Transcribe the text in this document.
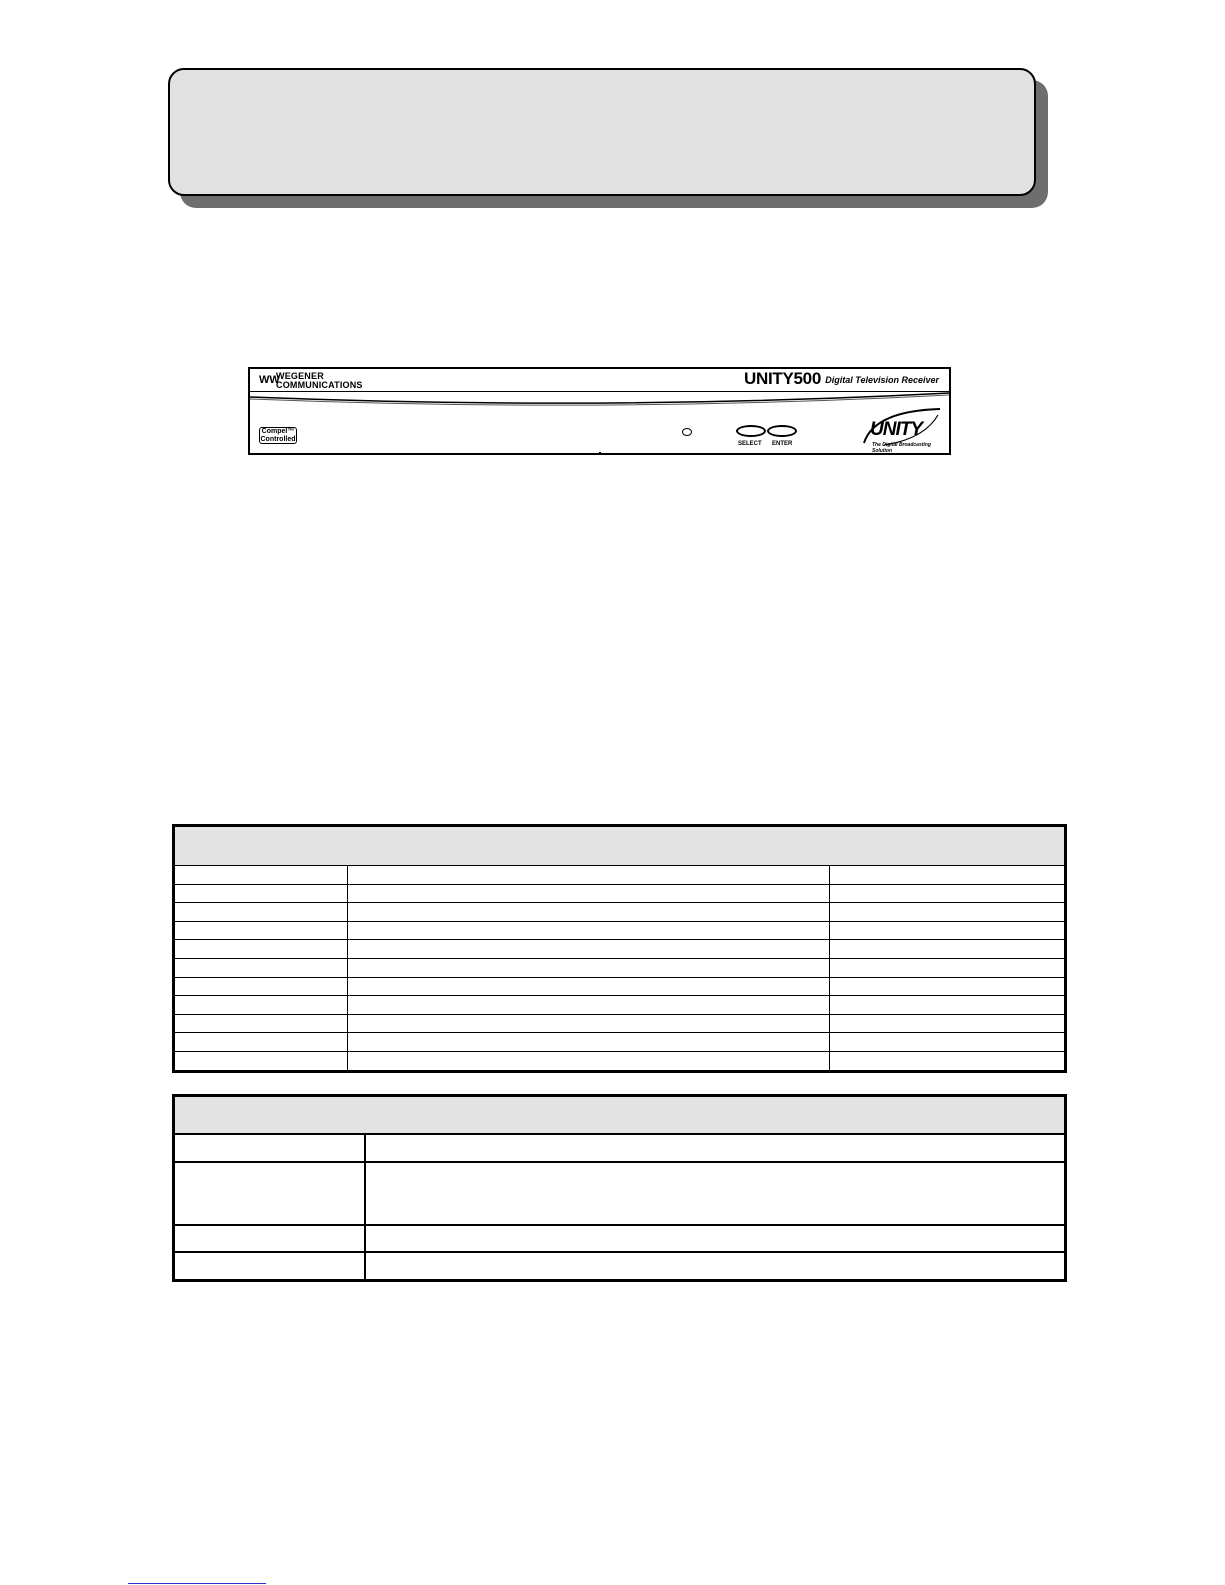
WW
WEGENER
COMMUNICATIONS	UNITY500 Digital Television Receiver
Compel™
Controlled
SELECT ENTER
UNITY
The Digital Broadcasting Solution
